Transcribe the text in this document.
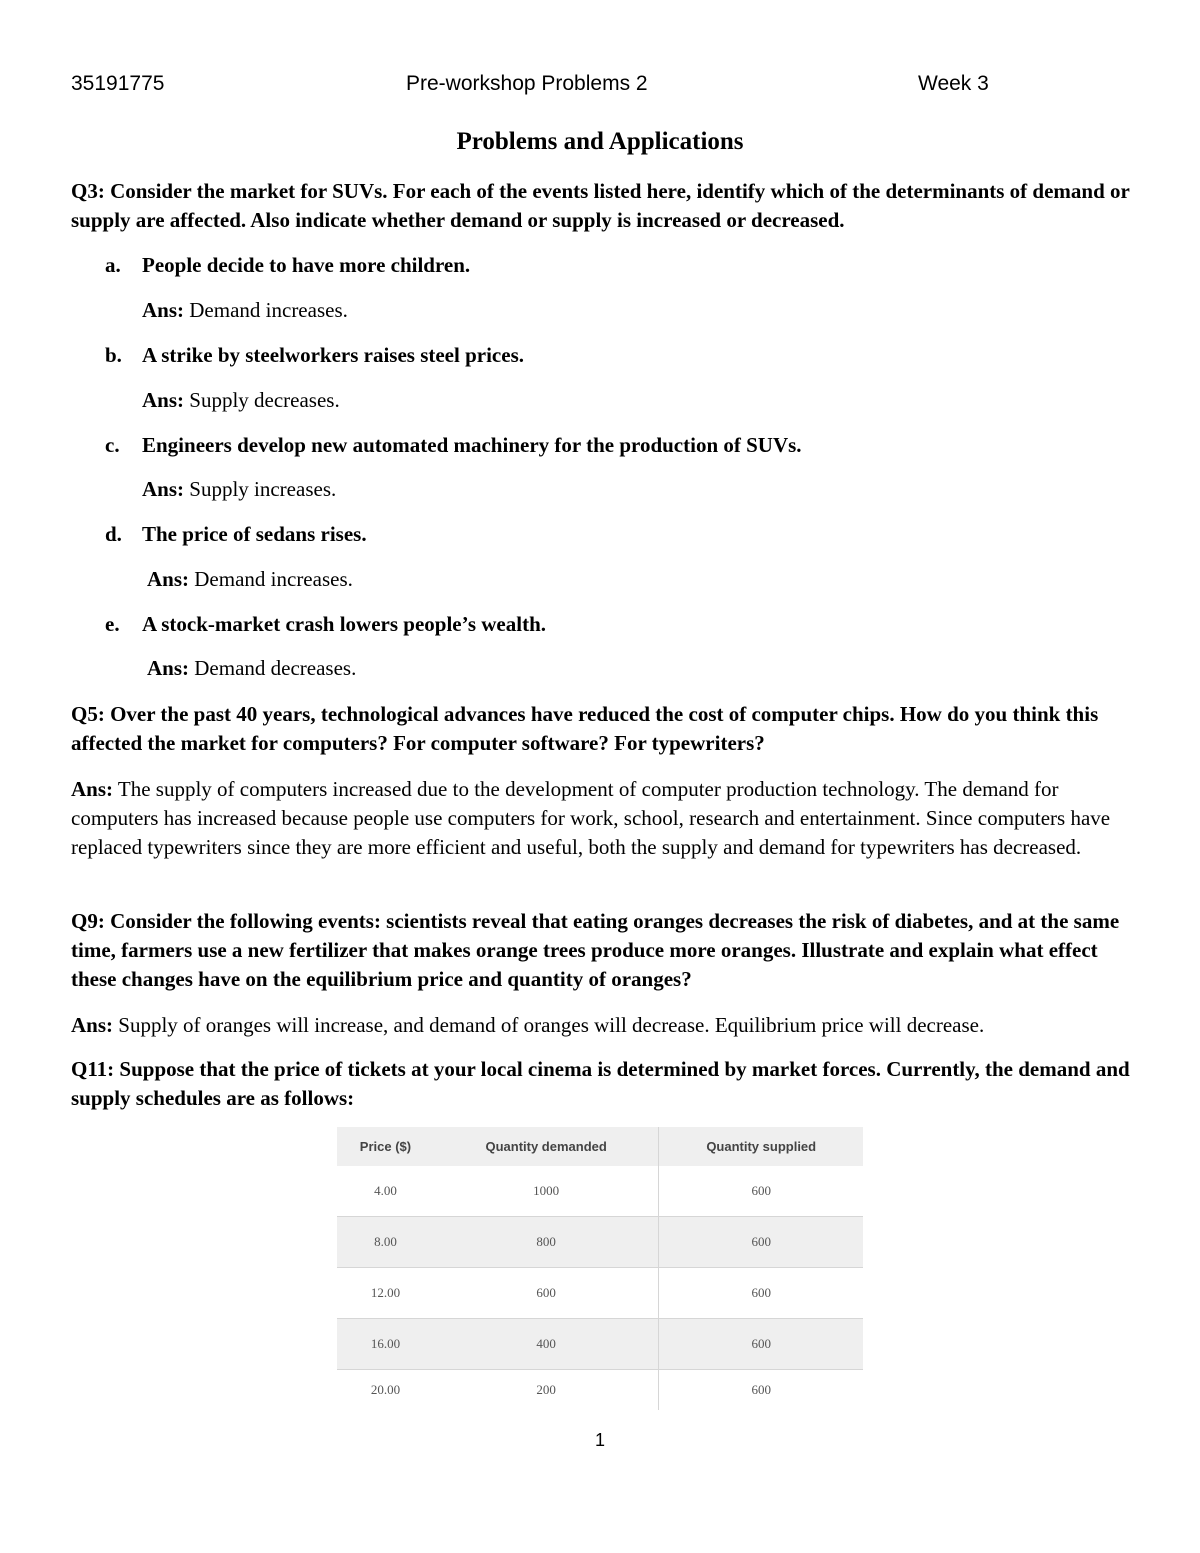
35191775	Pre-workshop Problems 2	Week 3
Problems and Applications
Q3: Consider the market for SUVs. For each of the events listed here, identify which of the determinants of demand or supply are affected. Also indicate whether demand or supply is increased or decreased.
a. People decide to have more children.
Ans: Demand increases.
b. A strike by steelworkers raises steel prices.
Ans: Supply decreases.
c. Engineers develop new automated machinery for the production of SUVs.
Ans: Supply increases.
d. The price of sedans rises.
Ans: Demand increases.
e. A stock-market crash lowers people’s wealth.
Ans: Demand decreases.
Q5: Over the past 40 years, technological advances have reduced the cost of computer chips. How do you think this affected the market for computers? For computer software? For typewriters?
Ans: The supply of computers increased due to the development of computer production technology. The demand for computers has increased because people use computers for work, school, research and entertainment. Since computers have replaced typewriters since they are more efficient and useful, both the supply and demand for typewriters has decreased.
Q9: Consider the following events: scientists reveal that eating oranges decreases the risk of diabetes, and at the same time, farmers use a new fertilizer that makes orange trees produce more oranges. Illustrate and explain what effect these changes have on the equilibrium price and quantity of oranges?
Ans: Supply of oranges will increase, and demand of oranges will decrease. Equilibrium price will decrease.
Q11: Suppose that the price of tickets at your local cinema is determined by market forces. Currently, the demand and supply schedules are as follows:
Price ($)	Quantity demanded	Quantity supplied
4.00	1000	600
8.00	800	600
12.00	600	600
16.00	400	600
20.00	200	600
1
